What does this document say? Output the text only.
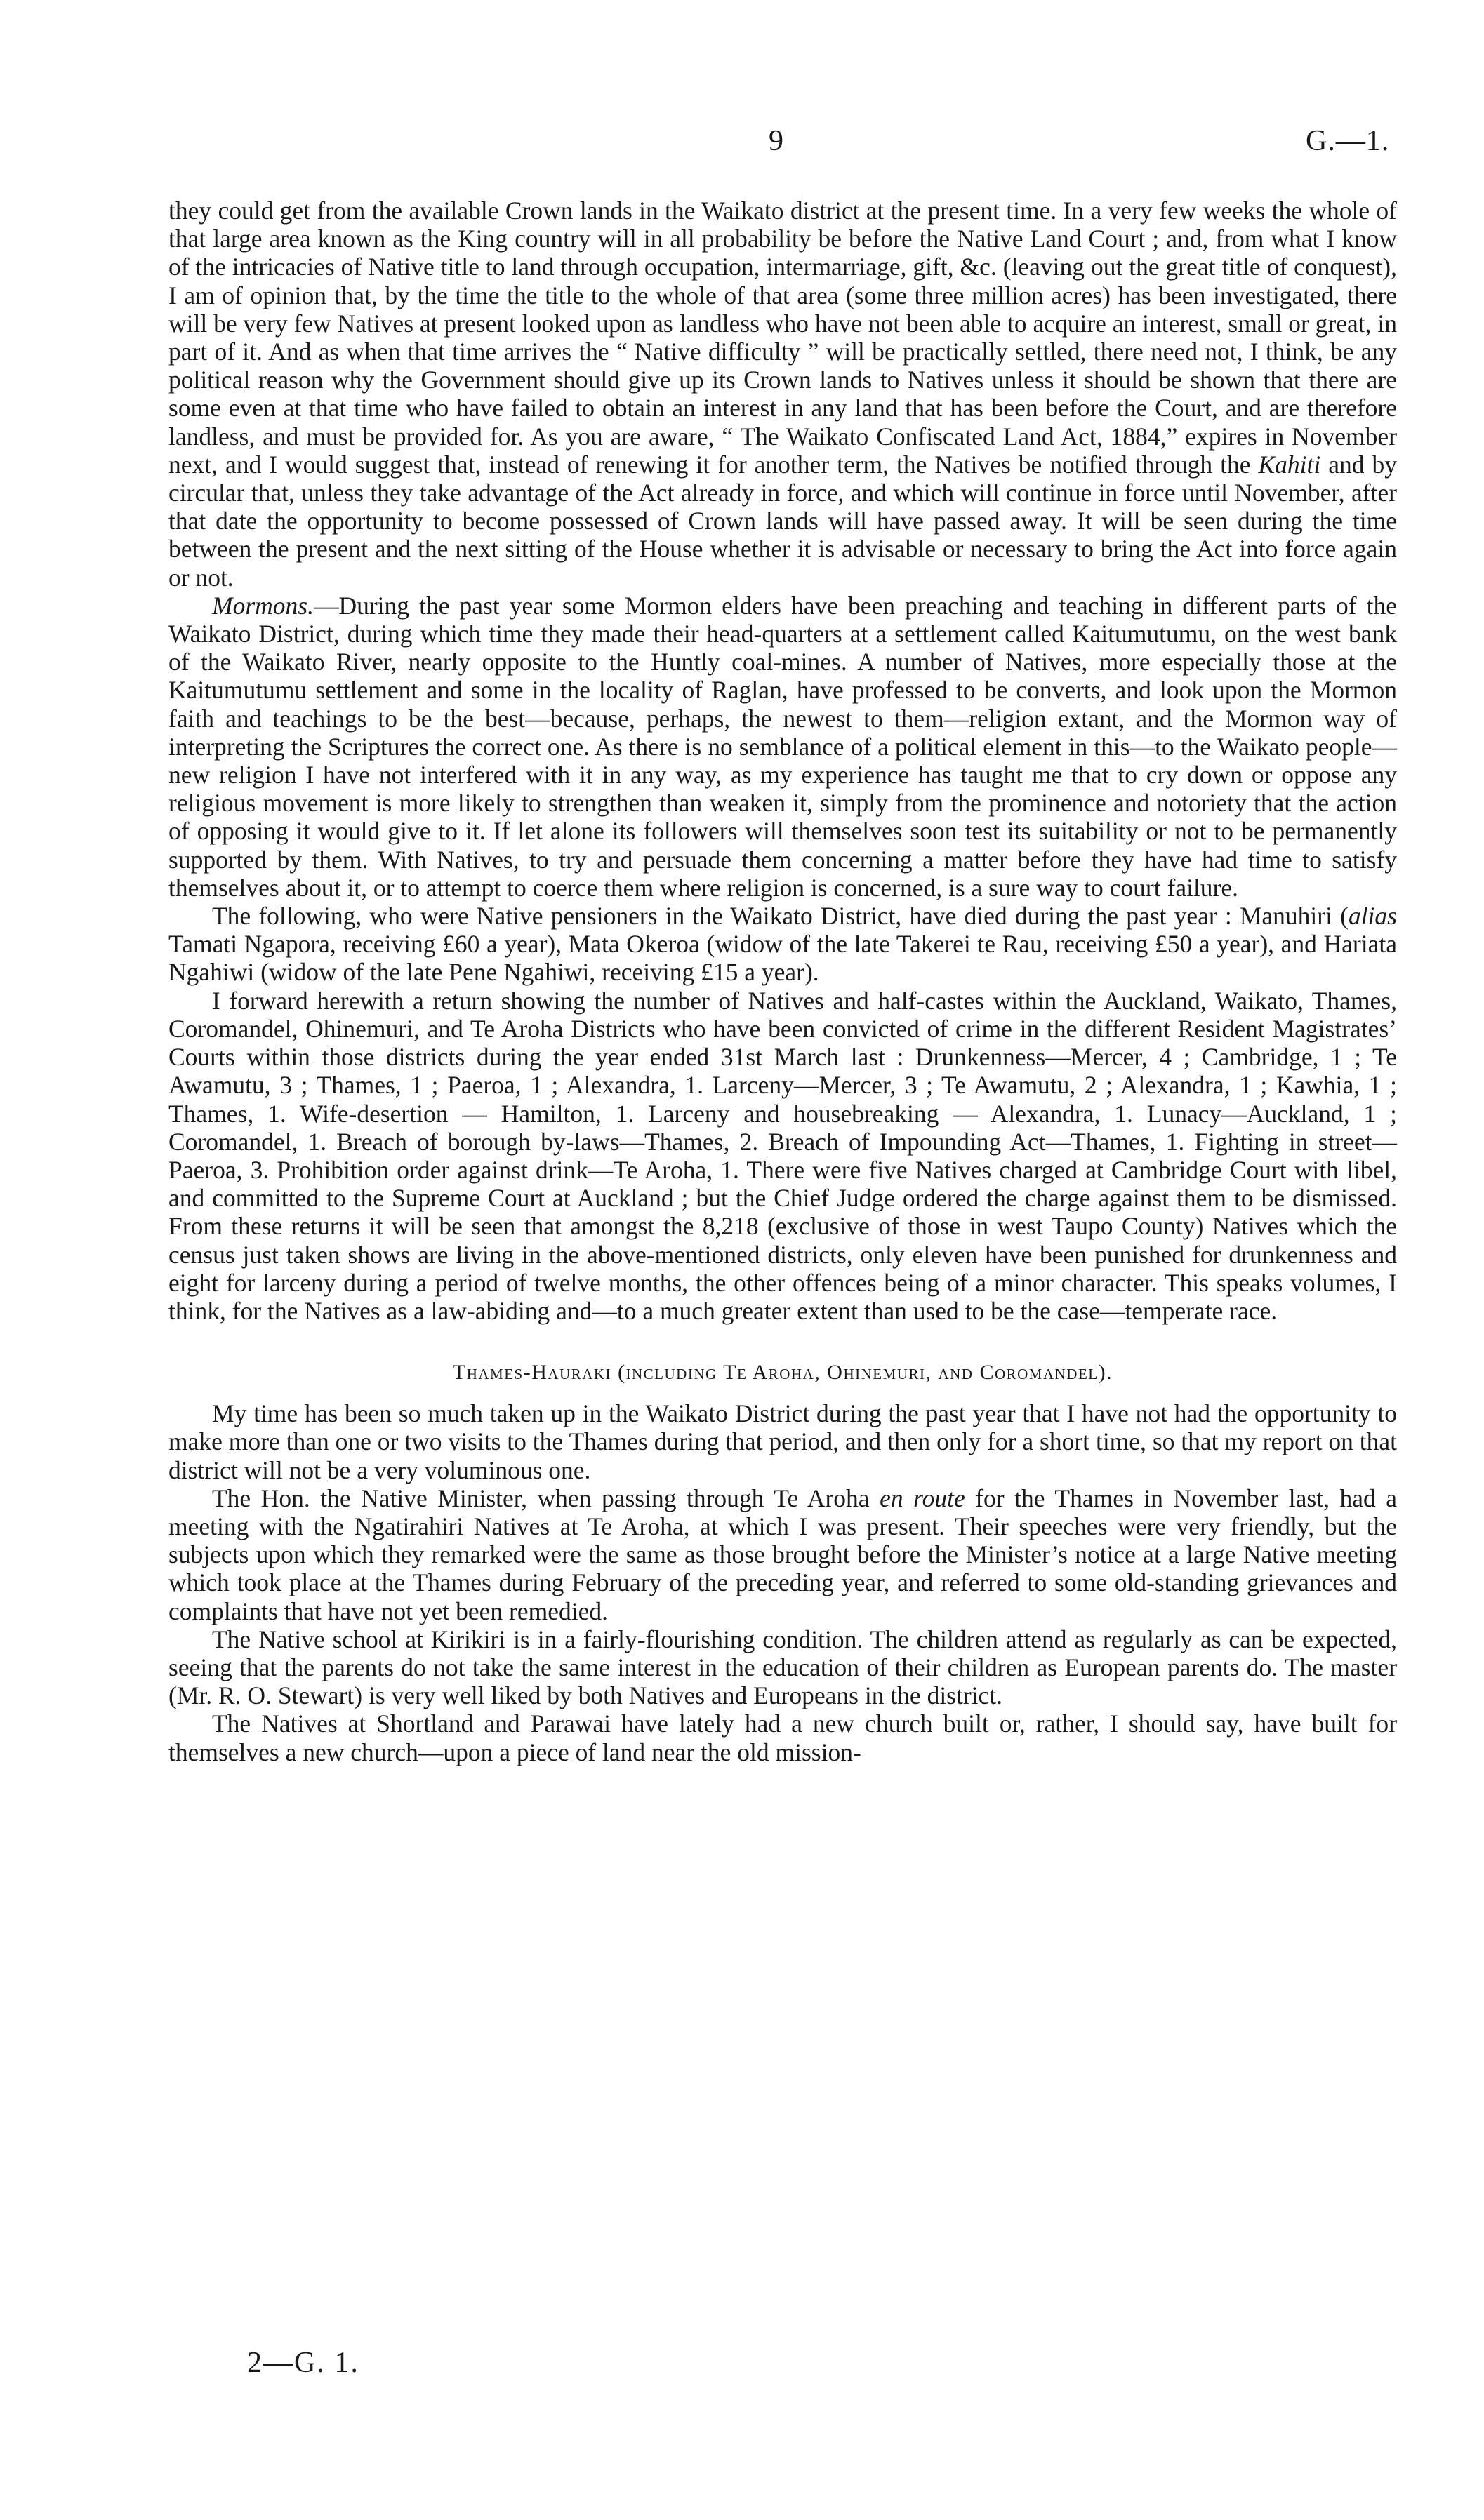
9	G.—1.

they could get from the available Crown lands in the Waikato district at the present time. In a very few weeks the whole of that large area known as the King country will in all probability be before the Native Land Court ; and, from what I know of the intricacies of Native title to land through occupation, intermarriage, gift, &c. (leaving out the great title of conquest), I am of opinion that, by the time the title to the whole of that area (some three million acres) has been investigated, there will be very few Natives at present looked upon as landless who have not been able to acquire an interest, small or great, in part of it. And as when that time arrives the “ Native difficulty ” will be practically settled, there need not, I think, be any political reason why the Government should give up its Crown lands to Natives unless it should be shown that there are some even at that time who have failed to obtain an interest in any land that has been before the Court, and are therefore landless, and must be provided for. As you are aware, “ The Waikato Confiscated Land Act, 1884,” expires in November next, and I would suggest that, instead of renewing it for another term, the Natives be notified through the Kahiti and by circular that, unless they take advantage of the Act already in force, and which will continue in force until November, after that date the opportunity to become possessed of Crown lands will have passed away. It will be seen during the time between the present and the next sitting of the House whether it is advisable or necessary to bring the Act into force again or not.

Mormons.—During the past year some Mormon elders have been preaching and teaching in different parts of the Waikato District, during which time they made their head-quarters at a settlement called Kaitumutumu, on the west bank of the Waikato River, nearly opposite to the Huntly coal-mines. A number of Natives, more especially those at the Kaitumutumu settlement and some in the locality of Raglan, have professed to be converts, and look upon the Mormon faith and teachings to be the best—because, perhaps, the newest to them—religion extant, and the Mormon way of interpreting the Scriptures the correct one. As there is no semblance of a political element in this—to the Waikato people—new religion I have not interfered with it in any way, as my experience has taught me that to cry down or oppose any religious movement is more likely to strengthen than weaken it, simply from the prominence and notoriety that the action of opposing it would give to it. If let alone its followers will themselves soon test its suitability or not to be permanently supported by them. With Natives, to try and persuade them concerning a matter before they have had time to satisfy themselves about it, or to attempt to coerce them where religion is concerned, is a sure way to court failure.

The following, who were Native pensioners in the Waikato District, have died during the past year : Manuhiri (alias Tamati Ngapora, receiving £60 a year), Mata Okeroa (widow of the late Takerei te Rau, receiving £50 a year), and Hariata Ngahiwi (widow of the late Pene Ngahiwi, receiving £15 a year).

I forward herewith a return showing the number of Natives and half-castes within the Auckland, Waikato, Thames, Coromandel, Ohinemuri, and Te Aroha Districts who have been convicted of crime in the different Resident Magistrates’ Courts within those districts during the year ended 31st March last : Drunkenness—Mercer, 4 ; Cambridge, 1 ; Te Awamutu, 3 ; Thames, 1 ; Paeroa, 1 ; Alexandra, 1. Larceny—Mercer, 3 ; Te Awamutu, 2 ; Alexandra, 1 ; Kawhia, 1 ; Thames, 1. Wife-desertion — Hamilton, 1. Larceny and housebreaking — Alexandra, 1. Lunacy—Auckland, 1 ; Coromandel, 1. Breach of borough by-laws—Thames, 2. Breach of Impounding Act—Thames, 1. Fighting in street—Paeroa, 3. Prohibition order against drink—Te Aroha, 1. There were five Natives charged at Cambridge Court with libel, and committed to the Supreme Court at Auckland ; but the Chief Judge ordered the charge against them to be dismissed. From these returns it will be seen that amongst the 8,218 (exclusive of those in west Taupo County) Natives which the census just taken shows are living in the above-mentioned districts, only eleven have been punished for drunkenness and eight for larceny during a period of twelve months, the other offences being of a minor character. This speaks volumes, I think, for the Natives as a law-abiding and—to a much greater extent than used to be the case—temperate race.

Thames-Hauraki (including Te Aroha, Ohinemuri, and Coromandel).

My time has been so much taken up in the Waikato District during the past year that I have not had the opportunity to make more than one or two visits to the Thames during that period, and then only for a short time, so that my report on that district will not be a very voluminous one.

The Hon. the Native Minister, when passing through Te Aroha en route for the Thames in November last, had a meeting with the Ngatirahiri Natives at Te Aroha, at which I was present. Their speeches were very friendly, but the subjects upon which they remarked were the same as those brought before the Minister’s notice at a large Native meeting which took place at the Thames during February of the preceding year, and referred to some old-standing grievances and complaints that have not yet been remedied.

The Native school at Kirikiri is in a fairly-flourishing condition. The children attend as regularly as can be expected, seeing that the parents do not take the same interest in the education of their children as European parents do. The master (Mr. R. O. Stewart) is very well liked by both Natives and Europeans in the district.

The Natives at Shortland and Parawai have lately had a new church built or, rather, I should say, have built for themselves a new church—upon a piece of land near the old mission-

2—G. 1.
